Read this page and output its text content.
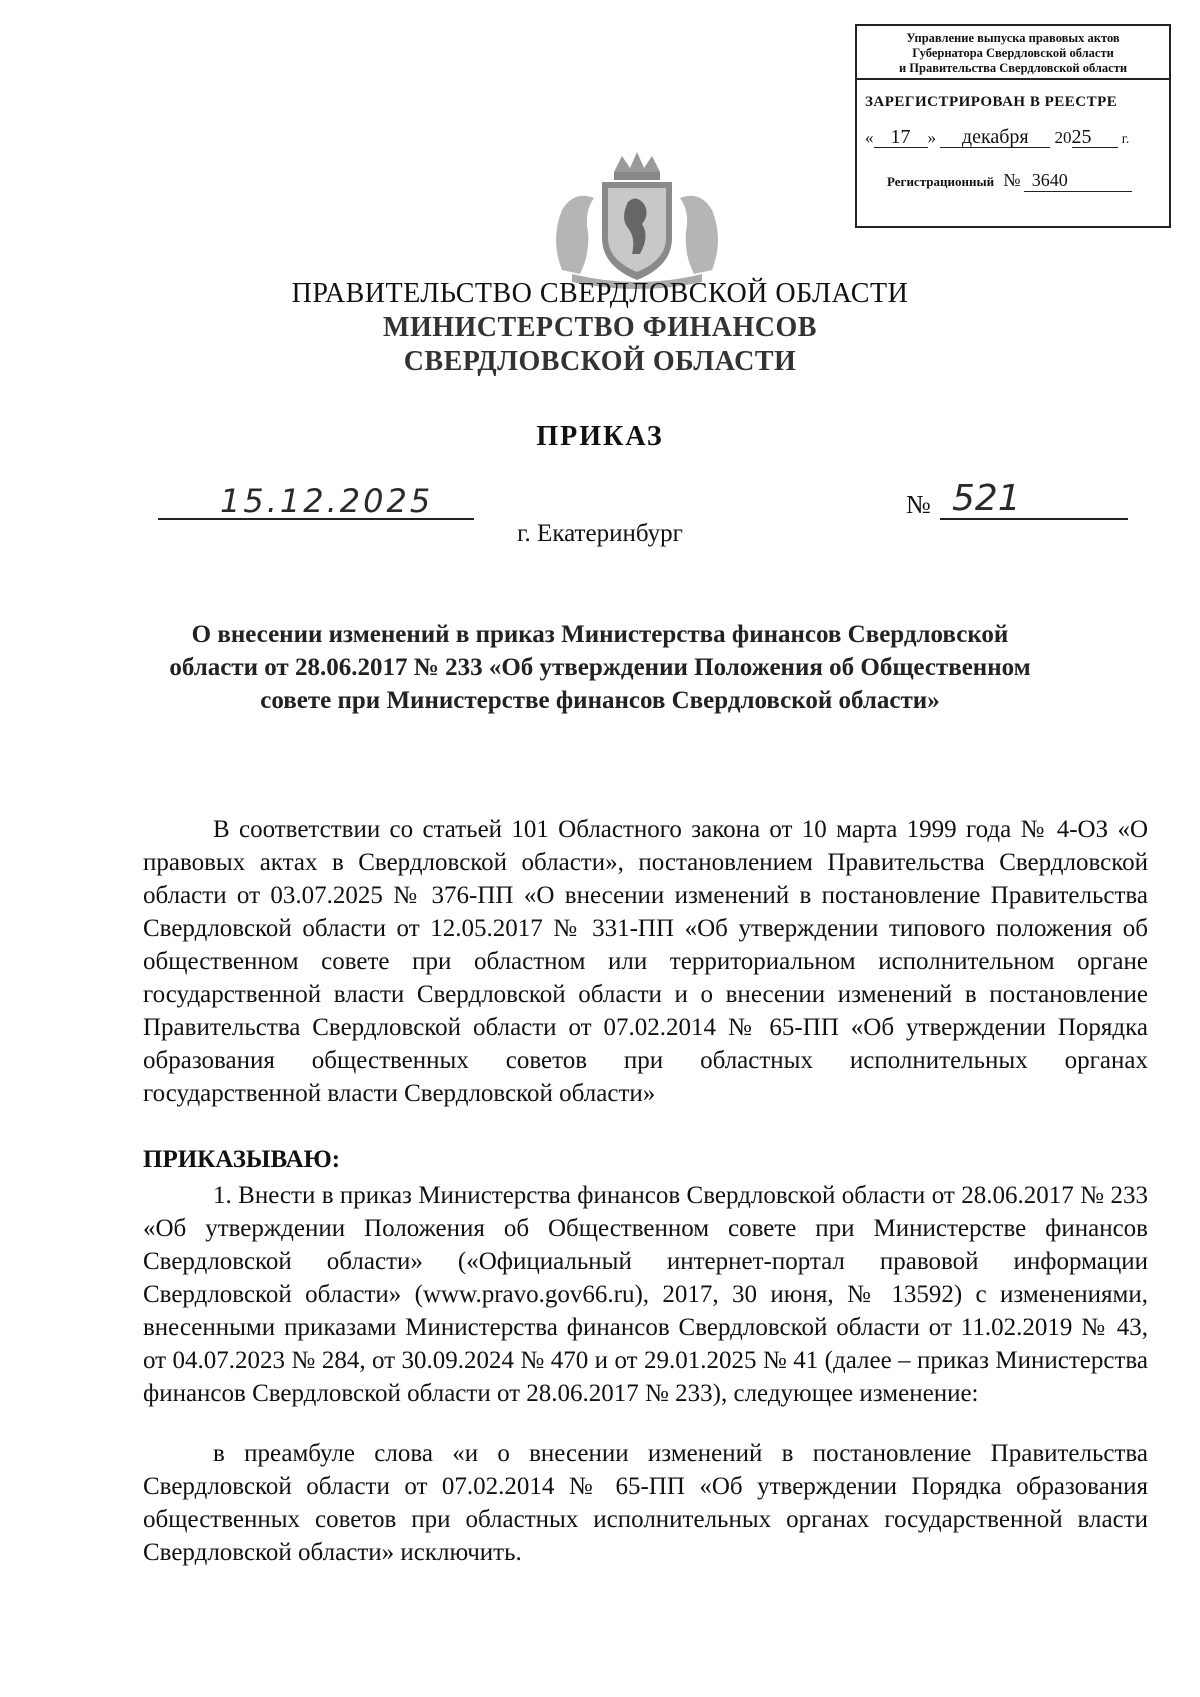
Управление выпуска правовых актов
Губернатора Свердловской области
и Правительства Свердловской области
ЗАРЕГИСТРИРОВАН В РЕЕСТРЕ
« 17 » декабря 2025 г.
Регистрационный № 3640
ПРАВИТЕЛЬСТВО СВЕРДЛОВСКОЙ ОБЛАСТИ
МИНИСТЕРСТВО ФИНАНСОВ
СВЕРДЛОВСКОЙ ОБЛАСТИ
ПРИКАЗ
15.12.2025	№ 521
г. Екатеринбург
О внесении изменений в приказ Министерства финансов Свердловской области от 28.06.2017 № 233 «Об утверждении Положения об Общественном совете при Министерстве финансов Свердловской области»

В соответствии со статьей 101 Областного закона от 10 марта 1999 года № 4-ОЗ «О правовых актах в Свердловской области», постановлением Правительства Свердловской области от 03.07.2025 № 376-ПП «О внесении изменений в постановление Правительства Свердловской области от 12.05.2017 № 331-ПП «Об утверждении типового положения об общественном совете при областном или территориальном исполнительном органе государственной власти Свердловской области и о внесении изменений в постановление Правительства Свердловской области от 07.02.2014 № 65-ПП «Об утверждении Порядка образования общественных советов при областных исполнительных органах государственной власти Свердловской области»

ПРИКАЗЫВАЮ:

1. Внести в приказ Министерства финансов Свердловской области от 28.06.2017 № 233 «Об утверждении Положения об Общественном совете при Министерстве финансов Свердловской области» («Официальный интернет-портал правовой информации Свердловской области» (www.pravo.gov66.ru), 2017, 30 июня, № 13592) с изменениями, внесенными приказами Министерства финансов Свердловской области от 11.02.2019 № 43, от 04.07.2023 № 284, от 30.09.2024 № 470 и от 29.01.2025 № 41 (далее – приказ Министерства финансов Свердловской области от 28.06.2017 № 233), следующее изменение:

в преамбуле слова «и о внесении изменений в постановление Правительства Свердловской области от 07.02.2014 № 65-ПП «Об утверждении Порядка образования общественных советов при областных исполнительных органах государственной власти Свердловской области» исключить.
